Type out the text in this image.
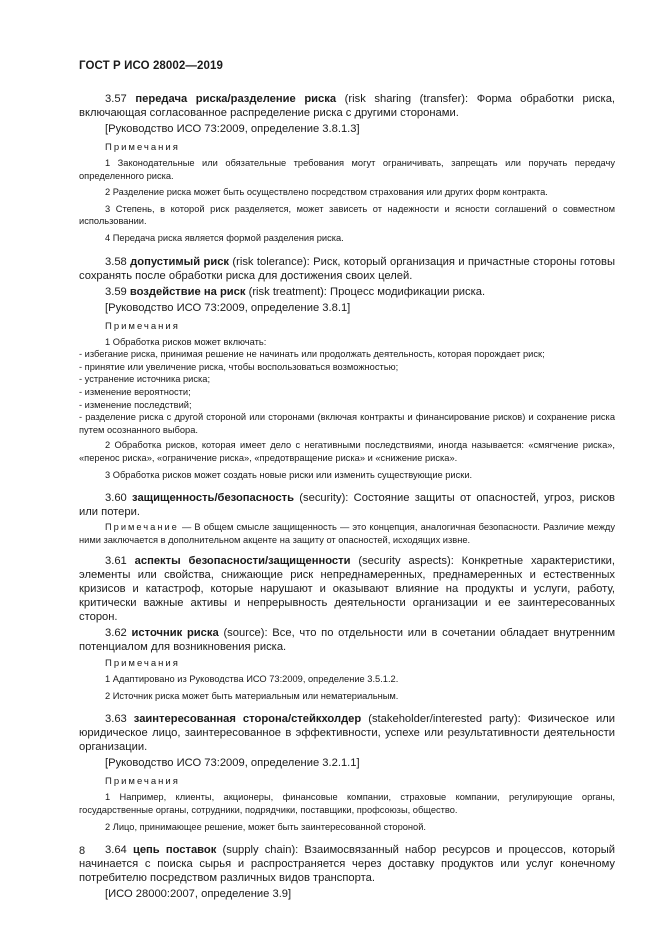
ГОСТ Р ИСО 28002—2019

3.57 передача риска/разделение риска (risk sharing (transfer): Форма обработки риска, включающая согласованное распределение риска с другими сторонами.

[Руководство ИСО 73:2009, определение 3.8.1.3]

Примечания

1 Законодательные или обязательные требования могут ограничивать, запрещать или поручать передачу определенного риска.

2 Разделение риска может быть осуществлено посредством страхования или других форм контракта.

3 Степень, в которой риск разделяется, может зависеть от надежности и ясности соглашений о совместном использовании.

4 Передача риска является формой разделения риска.

3.58 допустимый риск (risk tolerance): Риск, который организация и причастные стороны готовы сохранять после обработки риска для достижения своих целей.

3.59 воздействие на риск (risk treatment): Процесс модификации риска.

[Руководство ИСО 73:2009, определение 3.8.1]

Примечания

1 Обработка рисков может включать:

- избегание риска, принимая решение не начинать или продолжать деятельность, которая порождает риск;

- принятие или увеличение риска, чтобы воспользоваться возможностью;

- устранение источника риска;

- изменение вероятности;

- изменение последствий;

- разделение риска с другой стороной или сторонами (включая контракты и финансирование рисков) и сохранение риска путем осознанного выбора.

2 Обработка рисков, которая имеет дело с негативными последствиями, иногда называется: «смягчение риска», «перенос риска», «ограничение риска», «предотвращение риска» и «снижение риска».

3 Обработка рисков может создать новые риски или изменить существующие риски.

3.60 защищенность/безопасность (security): Состояние защиты от опасностей, угроз, рисков или потери.

Примечание — В общем смысле защищенность — это концепция, аналогичная безопасности. Различие между ними заключается в дополнительном акценте на защиту от опасностей, исходящих извне.

3.61 аспекты безопасности/защищенности (security aspects): Конкретные характеристики, элементы или свойства, снижающие риск непреднамеренных, преднамеренных и естественных кризисов и катастроф, которые нарушают и оказывают влияние на продукты и услуги, работу, критически важные активы и непрерывность деятельности организации и ее заинтересованных сторон.

3.62 источник риска (source): Все, что по отдельности или в сочетании обладает внутренним потенциалом для возникновения риска.

Примечания

1 Адаптировано из Руководства ИСО 73:2009, определение 3.5.1.2.

2 Источник риска может быть материальным или нематериальным.

3.63 заинтересованная сторона/стейкхолдер (stakeholder/interested party): Физическое или юридическое лицо, заинтересованное в эффективности, успехе или результативности деятельности организации.

[Руководство ИСО 73:2009, определение 3.2.1.1]

Примечания

1 Например, клиенты, акционеры, финансовые компании, страховые компании, регулирующие органы, государственные органы, сотрудники, подрядчики, поставщики, профсоюзы, общество.

2 Лицо, принимающее решение, может быть заинтересованной стороной.

3.64 цепь поставок (supply chain): Взаимосвязанный набор ресурсов и процессов, который начинается с поиска сырья и распространяется через доставку продуктов или услуг конечному потребителю посредством различных видов транспорта.

[ИСО 28000:2007, определение 3.9]

8
